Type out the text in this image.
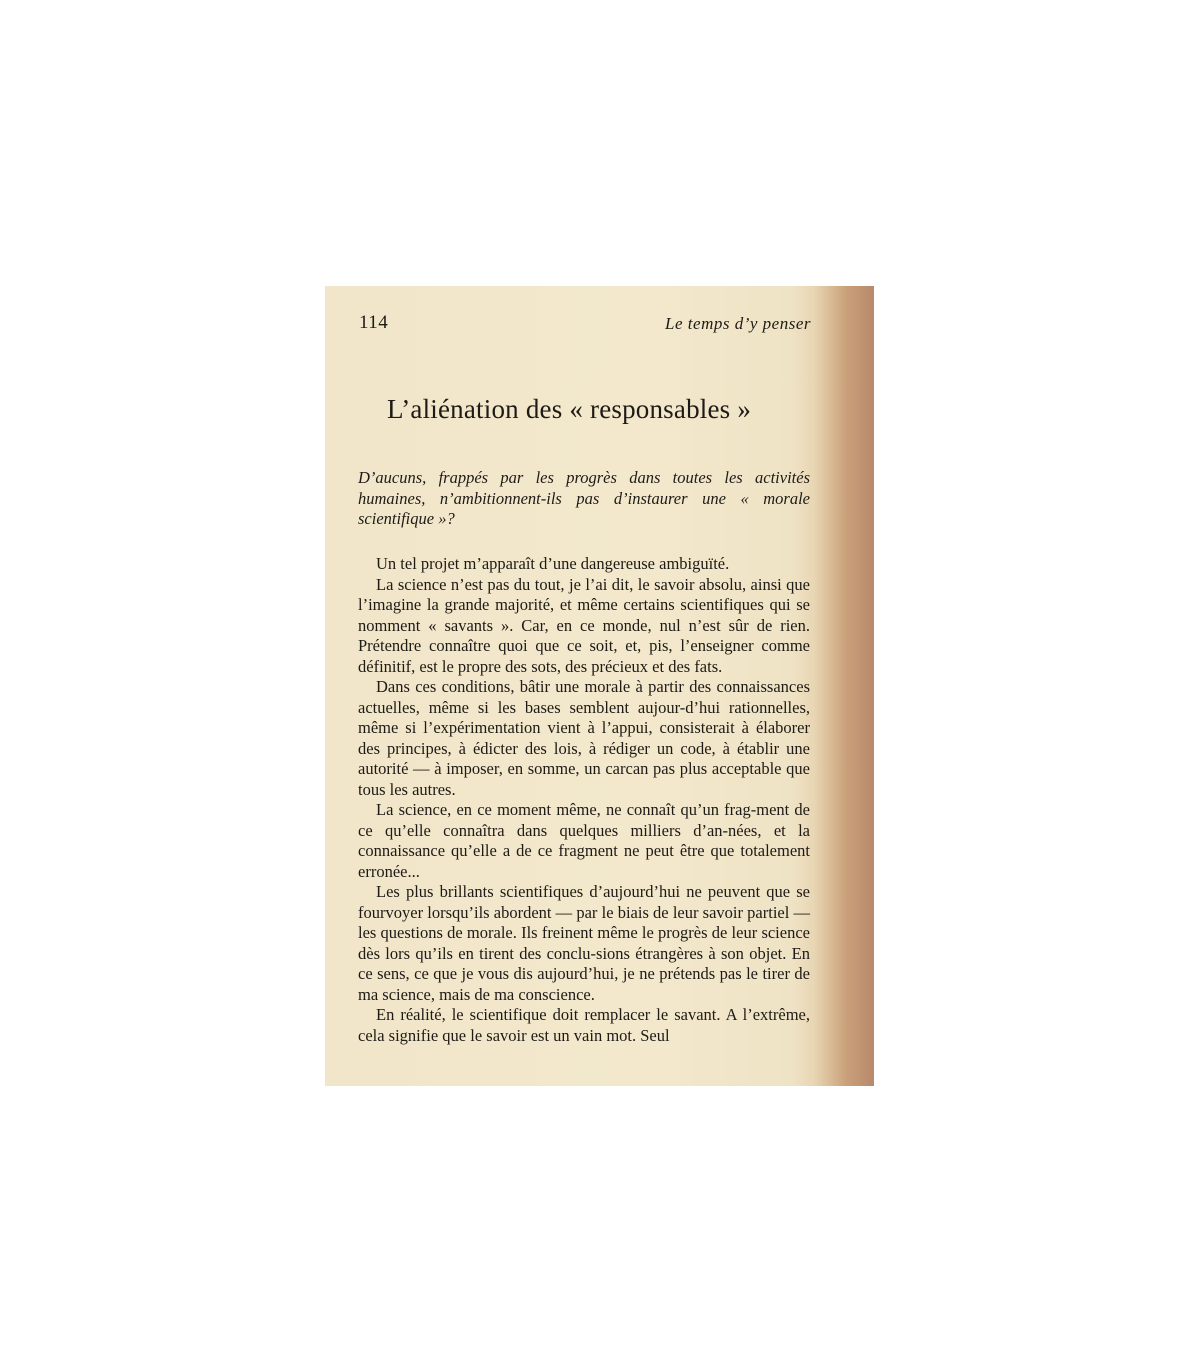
114	Le temps d’y penser
L’aliénation des « responsables »

D’aucuns, frappés par les progrès dans toutes les activités humaines, n’ambitionnent-ils pas d’instaurer une « morale scientifique »?

Un tel projet m’apparaît d’une dangereuse ambiguïté.

La science n’est pas du tout, je l’ai dit, le savoir absolu, ainsi que l’imagine la grande majorité, et même certains scientifiques qui se nomment « savants ». Car, en ce monde, nul n’est sûr de rien. Prétendre connaître quoi que ce soit, et, pis, l’enseigner comme définitif, est le propre des sots, des précieux et des fats.

Dans ces conditions, bâtir une morale à partir des connaissances actuelles, même si les bases semblent aujour-d’hui rationnelles, même si l’expérimentation vient à l’appui, consisterait à élaborer des principes, à édicter des lois, à rédiger un code, à établir une autorité — à imposer, en somme, un carcan pas plus acceptable que tous les autres.

La science, en ce moment même, ne connaît qu’un frag-ment de ce qu’elle connaîtra dans quelques milliers d’an-nées, et la connaissance qu’elle a de ce fragment ne peut être que totalement erronée...

Les plus brillants scientifiques d’aujourd’hui ne peuvent que se fourvoyer lorsqu’ils abordent — par le biais de leur savoir partiel — les questions de morale. Ils freinent même le progrès de leur science dès lors qu’ils en tirent des conclu-sions étrangères à son objet. En ce sens, ce que je vous dis aujourd’hui, je ne prétends pas le tirer de ma science, mais de ma conscience.

En réalité, le scientifique doit remplacer le savant. A l’extrême, cela signifie que le savoir est un vain mot. Seul
